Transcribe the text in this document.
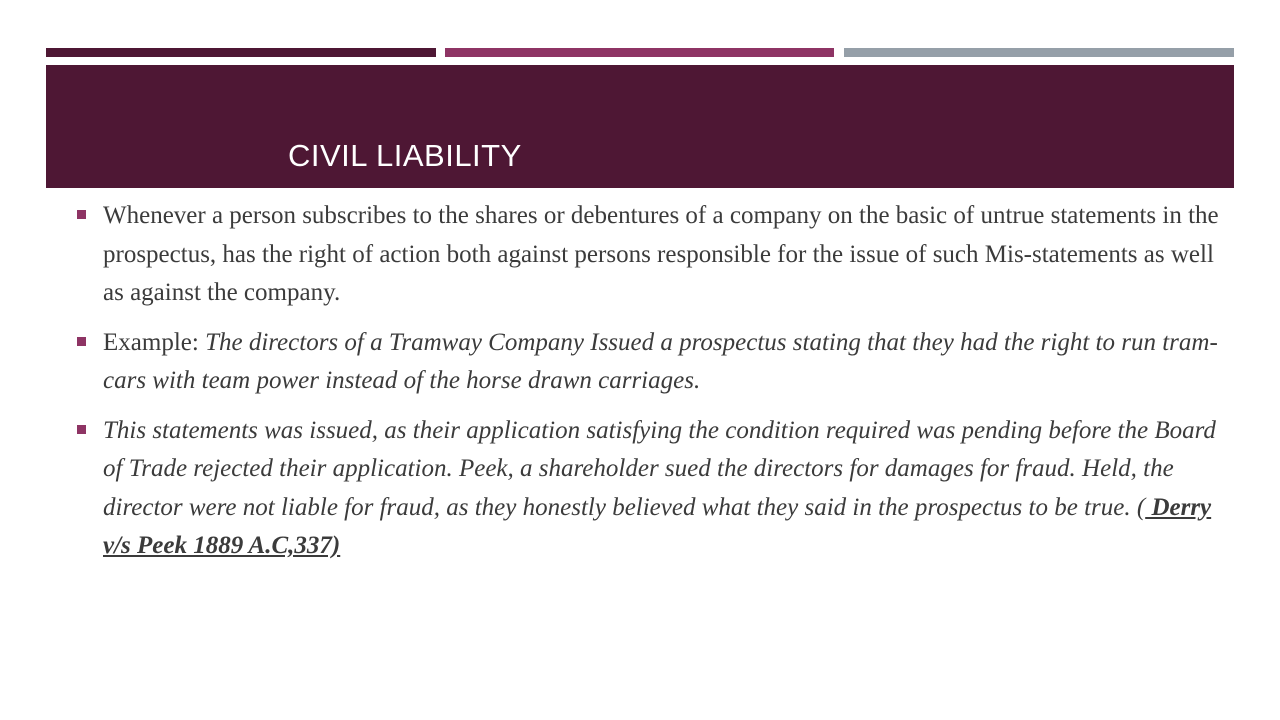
CIVIL LIABILITY
Whenever a person subscribes to the shares or debentures of a company on the basic of untrue statements in the prospectus, has the right of action both against persons responsible for the issue of such Mis-statements as well as against the company.
Example: The directors of a Tramway Company Issued a prospectus stating that they had the right to run tram-cars with team power instead of the horse drawn carriages.
This statements was issued, as their application satisfying the condition required was pending before the Board of Trade rejected their application. Peek, a shareholder sued the directors for damages for fraud. Held, the director were not liable for fraud, as they honestly believed what they said in the prospectus to be true. ( Derry v/s Peek 1889 A.C,337)
